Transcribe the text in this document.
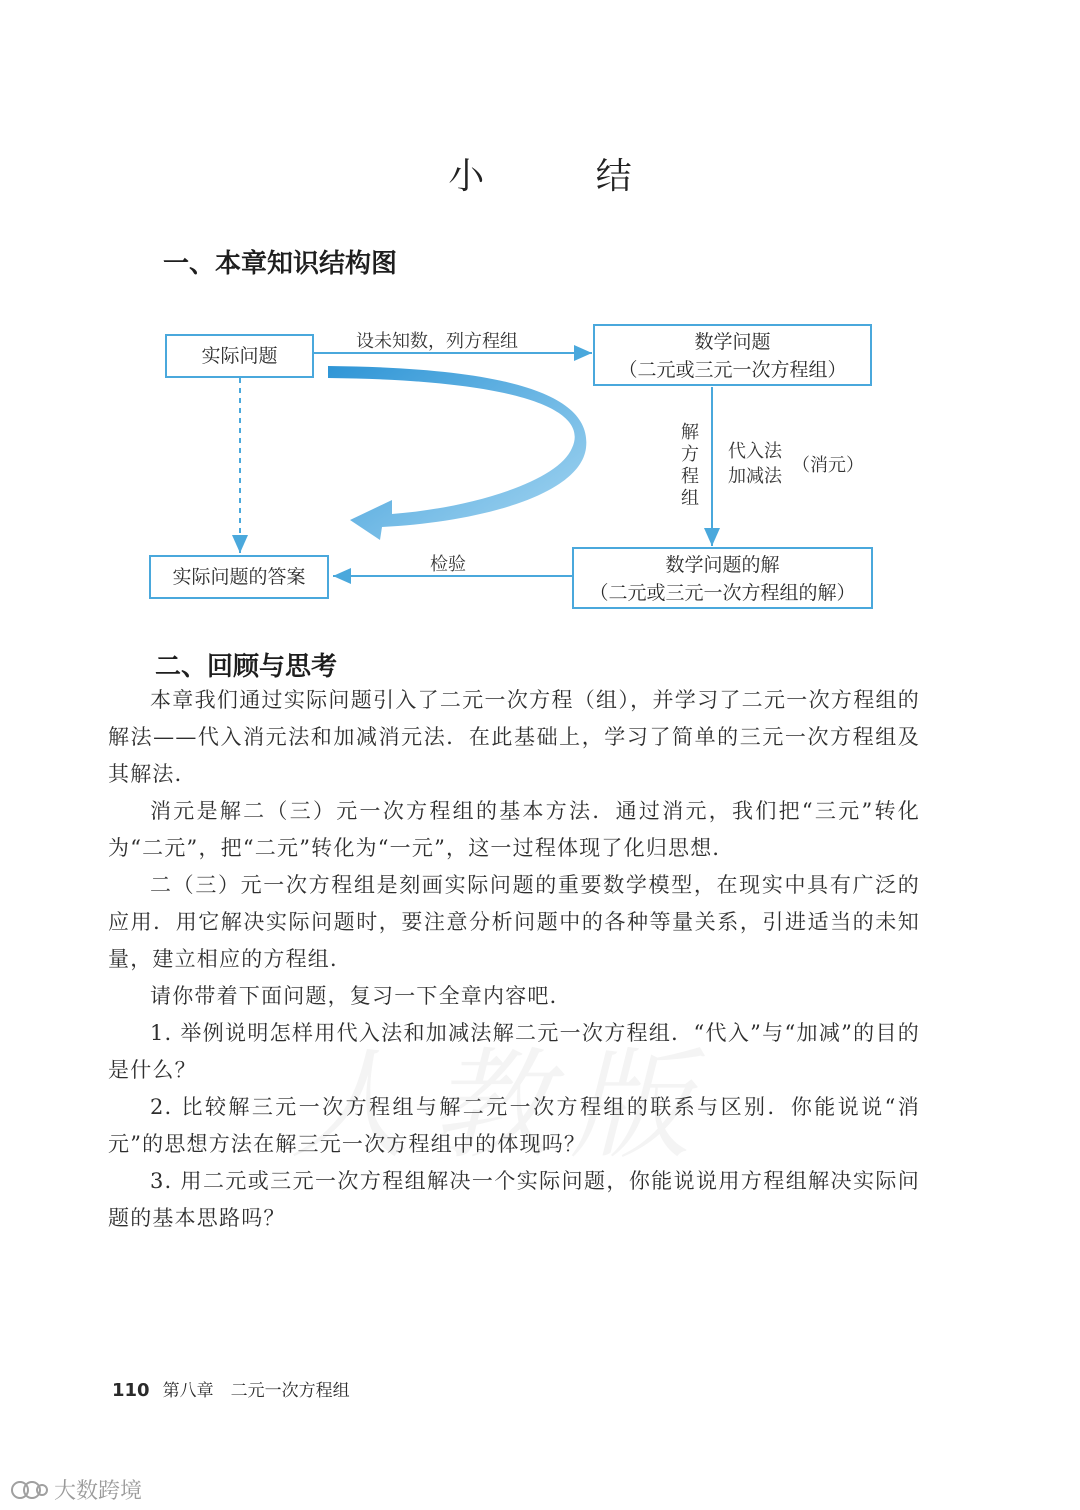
小 结
一、本章知识结构图
实际问题
数学问题
（二元或三元一次方程组）
数学问题的解
（二元或三元一次方程组的解）
实际问题的答案
设未知数，列方程组
解
方
程
组
代入法
加减法
（消元）
检验
二、回顾与思考

本章我们通过实际问题引入了二元一次方程（组），并学习了二元一次方程组的解法——代入消元法和加减消元法．在此基础上，学习了简单的三元一次方程组及其解法．

消元是解二（三）元一次方程组的基本方法．通过消元，我们把“三元”转化为“二元”，把“二元”转化为“一元”，这一过程体现了化归思想．

二（三）元一次方程组是刻画实际问题的重要数学模型，在现实中具有广泛的应用．用它解决实际问题时，要注意分析问题中的各种等量关系，引进适当的未知量，建立相应的方程组．

请你带着下面问题，复习一下全章内容吧．

1. 举例说明怎样用代入法和加减法解二元一次方程组．“代入”与“加减”的目的是什么？

2. 比较解三元一次方程组与解二元一次方程组的联系与区别．你能说说“消元”的思想方法在解三元一次方程组中的体现吗？

3. 用二元或三元一次方程组解决一个实际问题，你能说说用方程组解决实际问题的基本思路吗？

110 第八章　二元一次方程组
大数跨境
